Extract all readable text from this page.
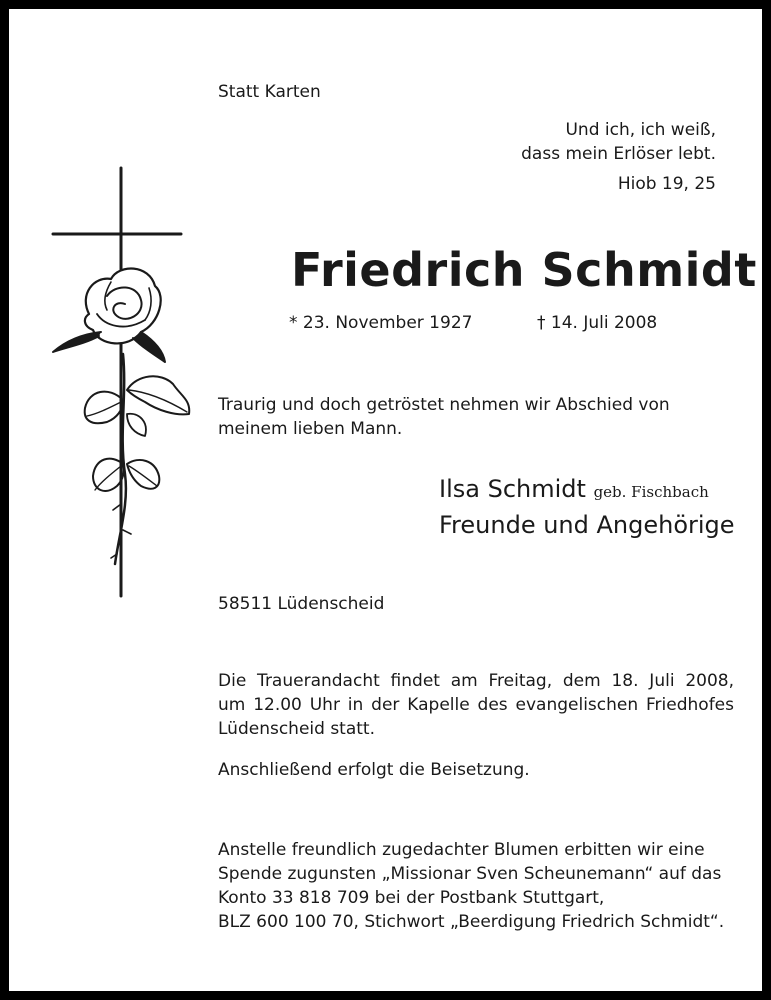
Statt Karten

Und ich, ich weiß,

dass mein Erlöser lebt.

Hiob 19, 25

Friedrich Schmidt

* 23. November 1927	† 14. Juli 2008

Traurig und doch getröstet nehmen wir Abschied von
meinem lieben Mann.

Ilsa Schmidt geb. Fischbach

Freunde und Angehörige

58511 Lüdenscheid

Die Trauerandacht findet am Freitag, dem 18. Juli 2008,
um 12.00 Uhr in der Kapelle des evangelischen Friedhofes
Lüdenscheid statt.

Anschließend erfolgt die Beisetzung.

Anstelle freundlich zugedachter Blumen erbitten wir eine
Spende zugunsten „Missionar Sven Scheunemann“ auf das
Konto 33 818 709 bei der Postbank Stuttgart,
BLZ 600 100 70, Stichwort „Beerdigung Friedrich Schmidt“.
